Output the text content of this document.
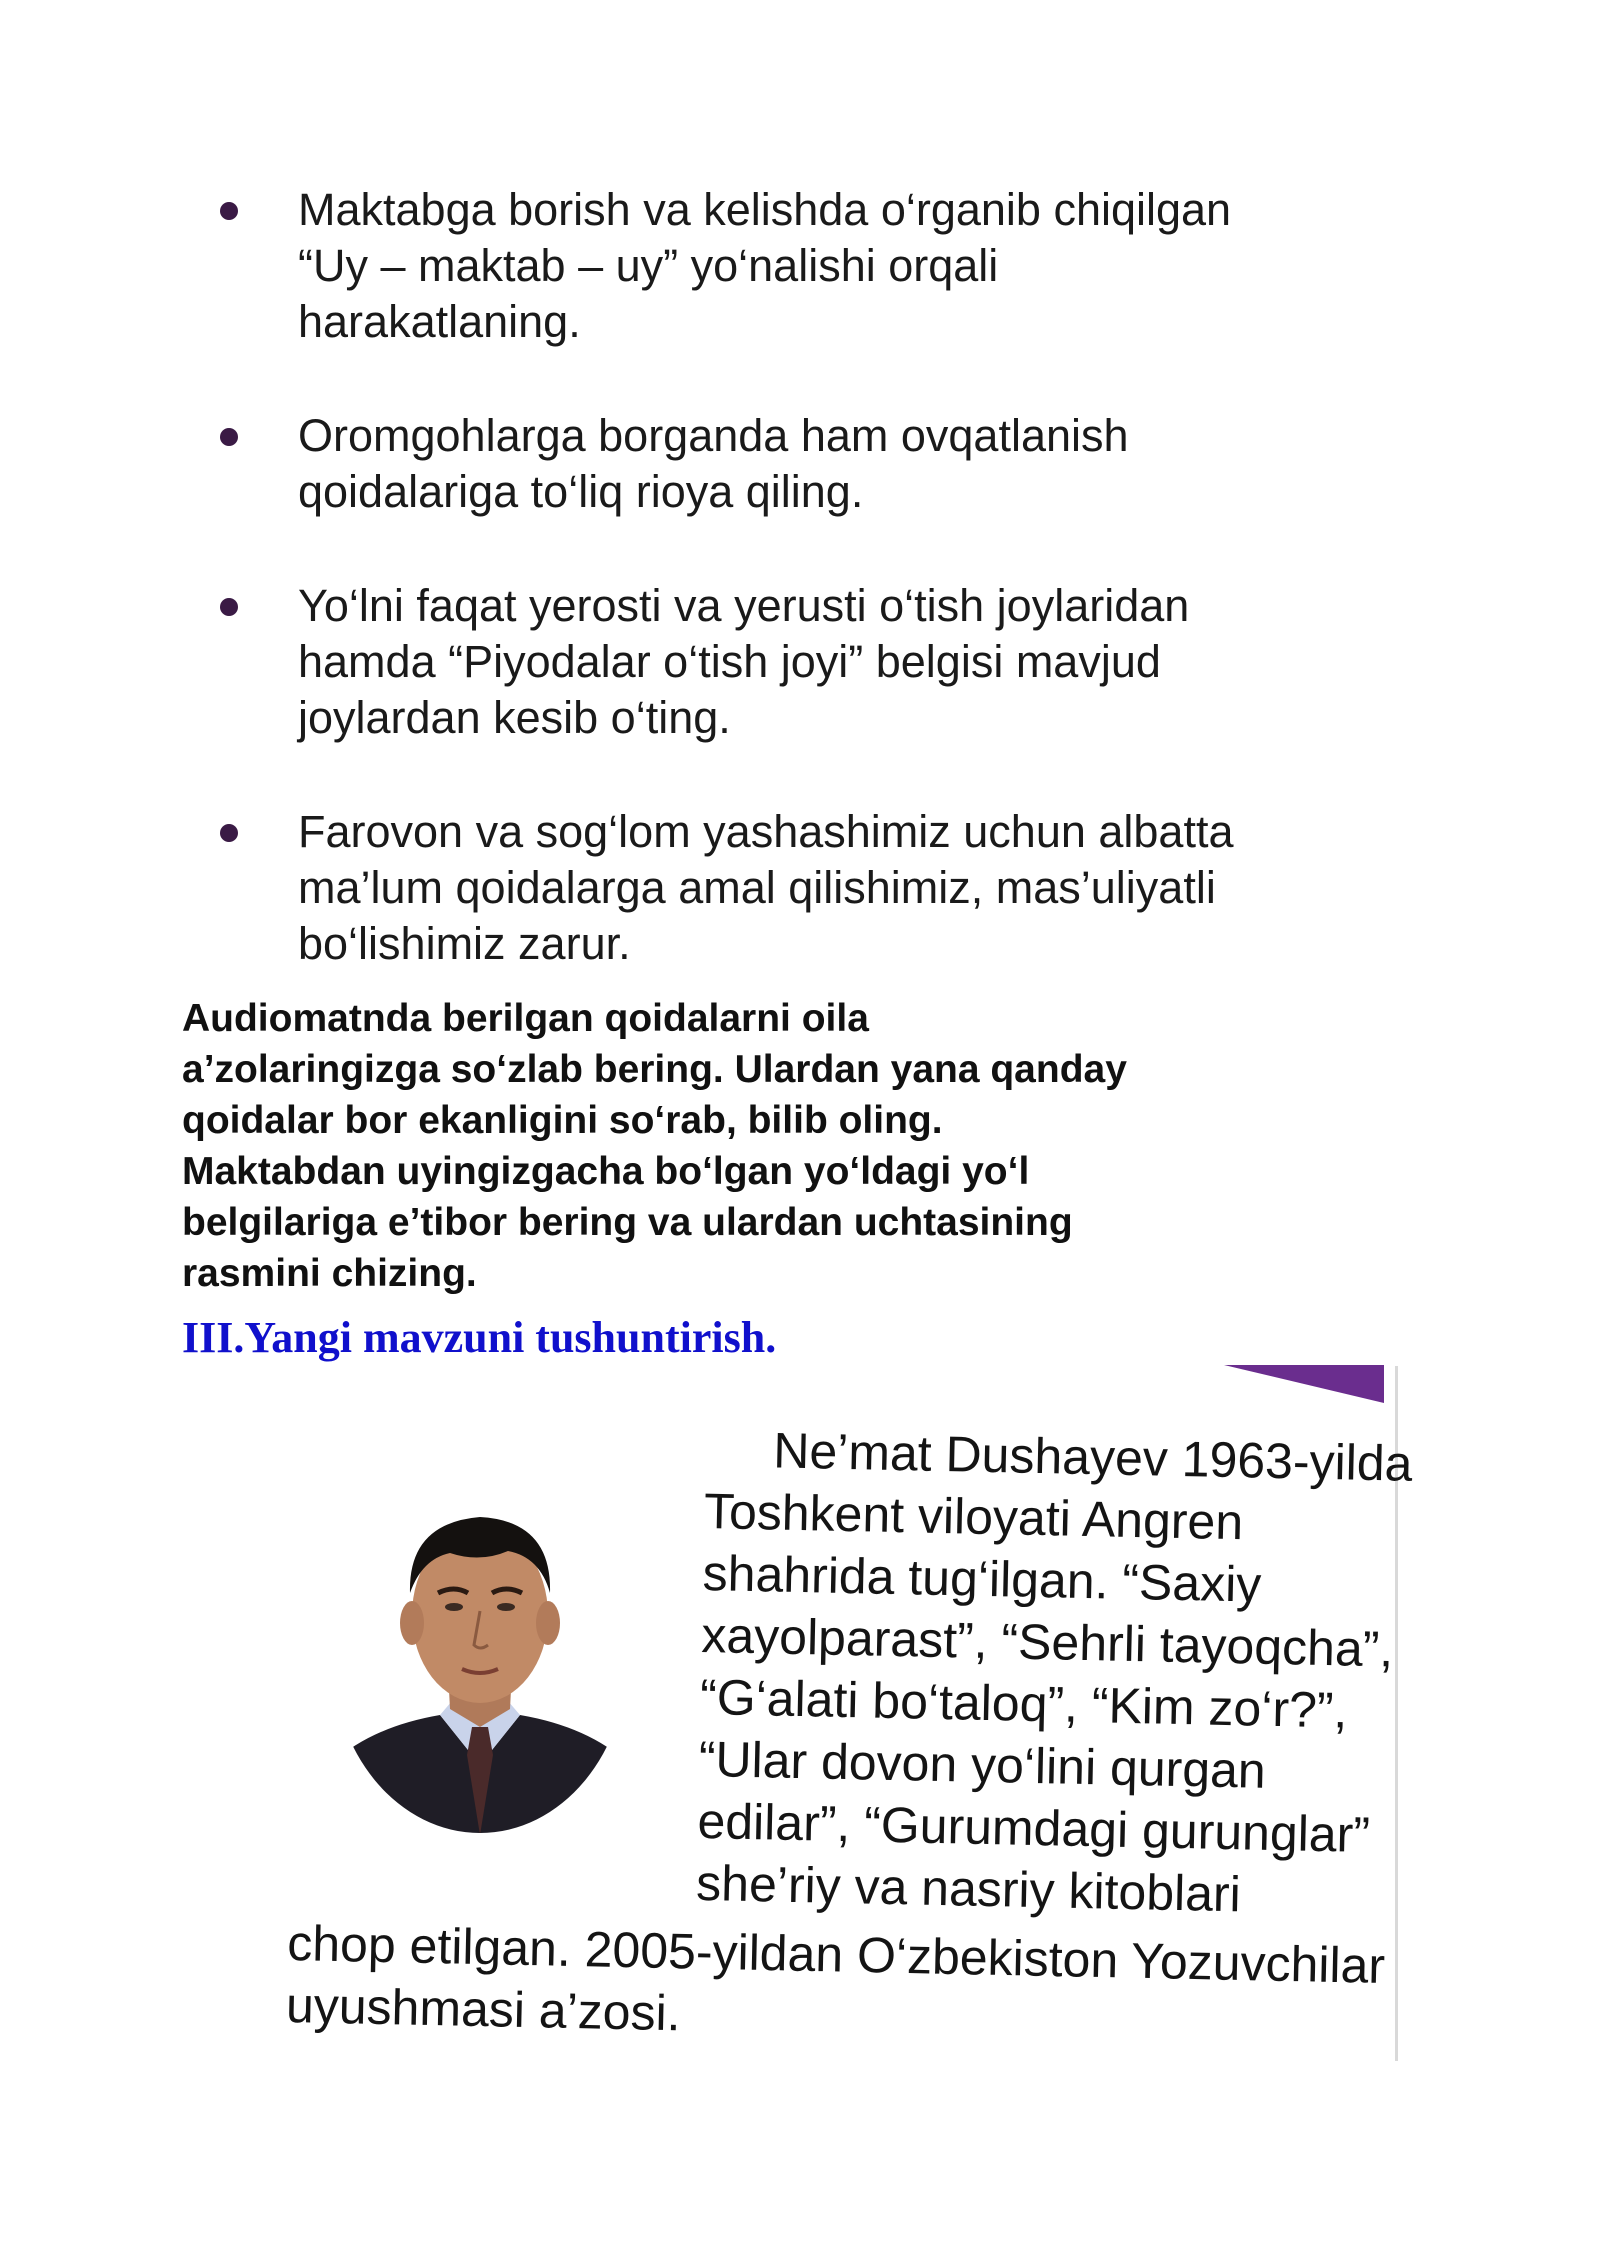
Maktabga borish va kelishda o‘rganib chiqilgan
“Uy – maktab – uy” yo‘nalishi orqali
harakatlaning.
Oromgohlarga borganda ham ovqatlanish
qoidalariga to‘liq rioya qiling.
Yo‘lni faqat yerosti va yerusti o‘tish joylaridan
hamda “Piyodalar o‘tish joyi” belgisi mavjud
joylardan kesib o‘ting.
Farovon va sog‘lom yashashimiz uchun albatta
ma’lum qoidalarga amal qilishimiz, mas’uliyatli
bo‘lishimiz zarur.
Audiomatnda berilgan qoidalarni oila
a’zolaringizga so‘zlab bering. Ulardan yana qanday
qoidalar bor ekanligini so‘rab, bilib oling.
Maktabdan uyingizgacha bo‘lgan yo‘ldagi yo‘l
belgilariga e’tibor bering va ulardan uchtasining
rasmini chizing.
III.Yangi mavzuni tushuntirish.
Ne’mat Dushayev 1963-yilda
Toshkent viloyati Angren
shahrida tug‘ilgan. “Saxiy
xayolparast”, “Sehrli tayoqcha”,
“G‘alati bo‘taloq”, “Kim zo‘r?”,
“Ular dovon yo‘lini qurgan
edilar”, “Gurumdagi gurunglar”
she’riy va nasriy kitoblari
chop etilgan. 2005-yildan O‘zbekiston Yozuvchilar
uyushmasi a’zosi.
